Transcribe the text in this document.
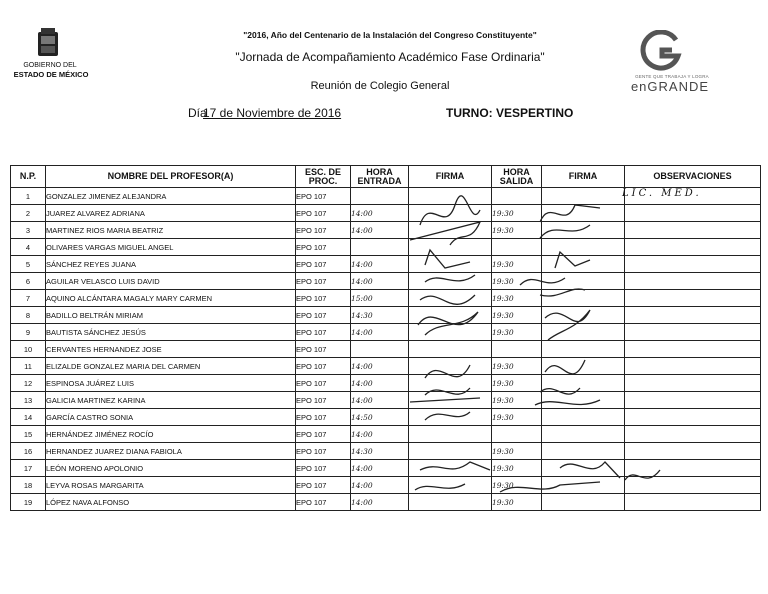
GOBIERNO DEL
ESTADO DE MÉXICO
"2016, Año del Centenario de la Instalación del Congreso Constituyente"
"Jornada de Acompañamiento Académico Fase Ordinaria"
Reunión de Colegio General
GENTE QUE TRABAJA Y LOGRA
enGRANDE
Día
17 de Noviembre de 2016	TURNO: VESPERTINO
N.P.	NOMBRE DEL PROFESOR(A)	ESC. DE PROC.	HORA ENTRADA	FIRMA	HORA SALIDA	FIRMA	OBSERVACIONES
1	GONZALEZ JIMENEZ ALEJANDRA	EPO 107					
2	JUAREZ ALVAREZ ADRIANA	EPO 107	14:00		19:30		
3	MARTINEZ RIOS MARIA BEATRIZ	EPO 107	14:00		19:30		
4	OLIVARES VARGAS MIGUEL ANGEL	EPO 107					
5	SÁNCHEZ REYES JUANA	EPO 107	14:00		19:30		
6	AGUILAR VELASCO LUIS DAVID	EPO 107	14:00		19:30		
7	AQUINO ALCÁNTARA MAGALY MARY CARMEN	EPO 107	15:00		19:30		
8	BADILLO BELTRÁN MIRIAM	EPO 107	14:30		19:30		
9	BAUTISTA SÁNCHEZ JESÚS	EPO 107	14:00		19:30		
10	CERVANTES HERNANDEZ JOSE	EPO 107					
11	ELIZALDE GONZALEZ MARIA DEL CARMEN	EPO 107	14:00		19:30		
12	ESPINOSA JUÁREZ LUIS	EPO 107	14:00		19:30		
13	GALICIA MARTINEZ KARINA	EPO 107	14:00		19:30		
14	GARCÍA CASTRO SONIA	EPO 107	14:50		19:30		
15	HERNÁNDEZ JIMÉNEZ ROCÍO	EPO 107	14:00				
16	HERNANDEZ JUAREZ DIANA FABIOLA	EPO 107	14:30		19:30		
17	LEÓN MORENO APOLONIO	EPO 107	14:00		19:30		
18	LEYVA ROSAS MARGARITA	EPO 107	14:00		19:30		
19	LÓPEZ NAVA ALFONSO	EPO 107	14:00		19:30		
LIC. MED.
